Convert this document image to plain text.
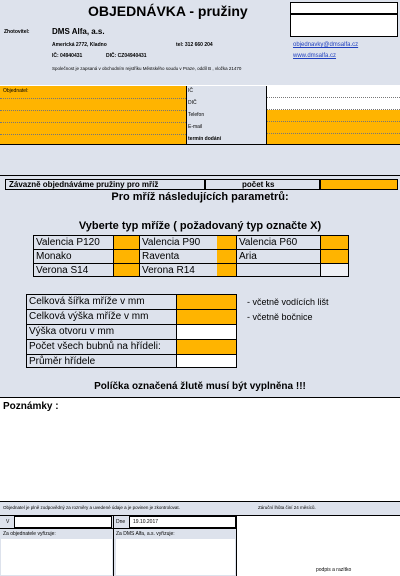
OBJEDNÁVKA - pružiny
Zhotovitel:	DMS Alfa, a.s.
Americká 2772, Kladno	tel: 312 660 204
IČ: 04940431	DIČ: CZ04940431
objednavky@dmsalfa.cz
www.dmsalfa.cz
Společnost je zapsaná v obchodním rejstříku Městského soudu v Praze, oddíl B , vložka 21470
Objednatel:	IČ
DIČ
Telefon
E-mail
termín dodání
Závazně objednáváme pružiny pro mříž	počet ks
Pro mříž následujících parametrů:
Vyberte typ mříže ( požadovaný typ označte X)
Valencia P120	Valencia P90	Valencia P60
Monako	Raventa	Aria
Verona S14	Verona R14
Celková šířka mříže v mm	- včetně vodících lišt
Celková výška mříže v mm	- včetně bočnice
Výška otvoru v mm
Počet všech bubnů na hřídeli:
Průměr hřídele
Políčka označená žlutě musí být vyplněna !!!
Poznámky :
Objednatel je plně zodpovědný za rozměry a uvedené údaje a je povinen je zkontrolovat.	Záruční lhůta činí 24 měsíců.
V	Dne 19.10.2017
Za objednatele vyřizuje:	Za DMS Alfa, a.s. vyřizuje:
podpis a razítko
